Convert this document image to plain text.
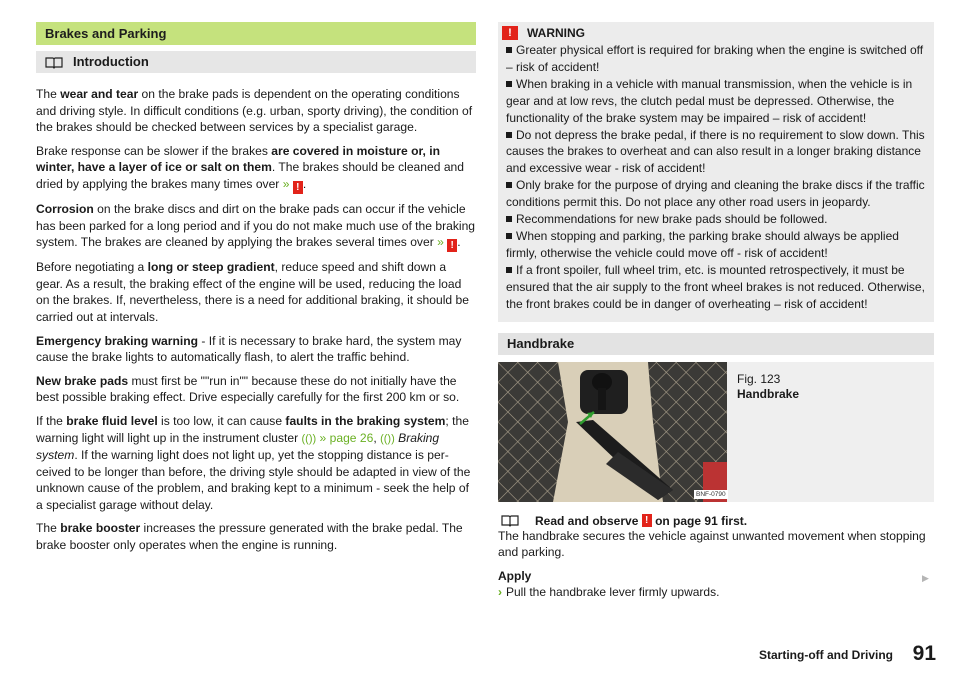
Brakes and Parking
Introduction

The wear and tear on the brake pads is dependent on the operating conditions and driving style. In difficult conditions (e.g. urban, sporty driving), the condition of the brakes should be checked between services by a specialist garage.

Brake response can be slower if the brakes are covered in moisture or, in winter, have a layer of ice or salt on them. The brakes should be cleaned and dried by applying the brakes many times over » ! .

Corrosion on the brake discs and dirt on the brake pads can occur if the vehicle has been parked for a long period and if you do not make much use of the braking system. The brakes are cleaned by applying the brakes several times over » ! .

Before negotiating a long or steep gradient, reduce speed and shift down a gear. As a result, the braking effect of the engine will be used, reducing the load on the brakes. If, nevertheless, there is a need for additional braking, it should be carried out at intervals.

Emergency braking warning - If it is necessary to brake hard, the system may cause the brake lights to automatically flash, to alert the traffic behind.

New brake pads must first be ""run in"" because these do not initially have the best possible braking effect. Drive especially carefully for the first 200 km or so.

If the brake fluid level is too low, it can cause faults in the braking system; the warning light will light up in the instrument cluster (()) » page 26, (()) Braking system. If the warning light does not light up, yet the stopping distance is perceived to be longer than before, the driving style should be adapted in view of the unknown cause of the problem, and braking kept to a minimum - seek the help of a specialist garage without delay.

The brake booster increases the pressure generated with the brake pedal. The brake booster only operates when the engine is running.

!	WARNING

Greater physical effort is required for braking when the engine is switched off – risk of accident!

When braking in a vehicle with manual transmission, when the vehicle is in gear and at low revs, the clutch pedal must be depressed. Otherwise, the functionality of the brake system may be impaired – risk of accident!

Do not depress the brake pedal, if there is no requirement to slow down. This causes the brakes to overheat and can also result in a longer braking distance and excessive wear - risk of accident!

Only brake for the purpose of drying and cleaning the brake discs if the traffic conditions permit this. Do not place any other road users in jeopardy.

Recommendations for new brake pads should be followed.

When stopping and parking, the parking brake should always be applied firmly, otherwise the vehicle could move off - risk of accident!

If a front spoiler, full wheel trim, etc. is mounted retrospectively, it must be ensured that the air supply to the front wheel brakes is not reduced. Otherwise, the front brakes could be in danger of overheating – risk of accident!

Handbrake
Fig. 123
Handbrake
BNF-0790
Read and observe
!
on page 91 first.

The handbrake secures the vehicle against unwanted movement when stopping and parking.

Apply

› Pull the handbrake lever firmly upwards.

▶
Starting-off and Driving 91
